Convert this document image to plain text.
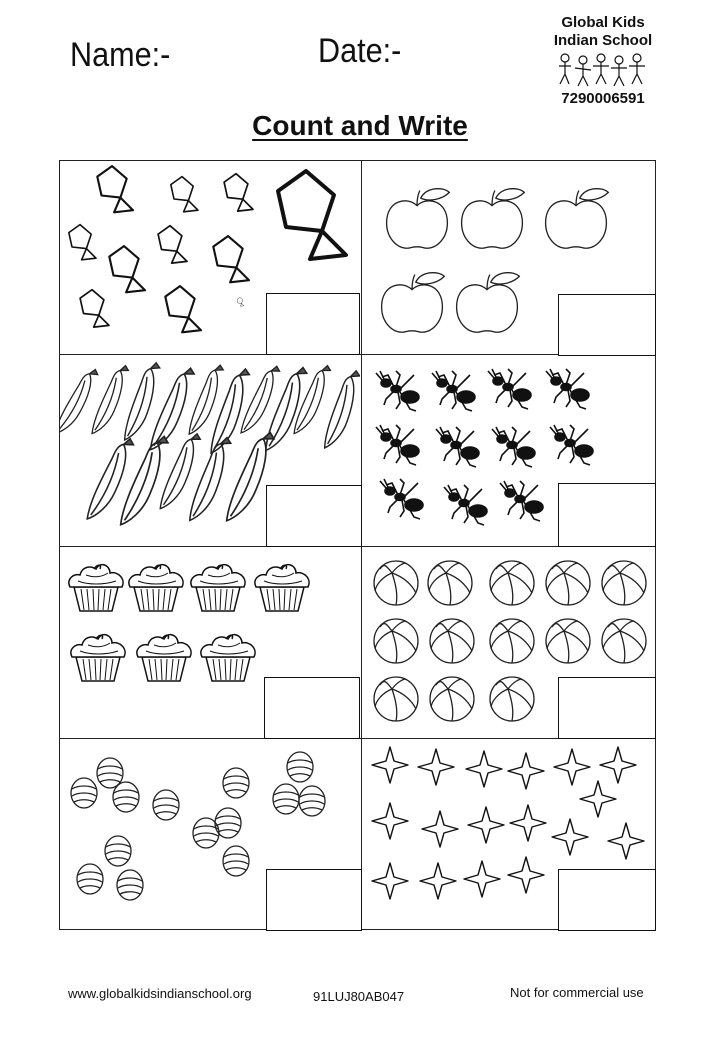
Name:-	Date:-
Global Kids
Indian School
7290006591
Count and Write
www.globalkidsindianschool.org	91LUJ80AB047	Not for commercial use
